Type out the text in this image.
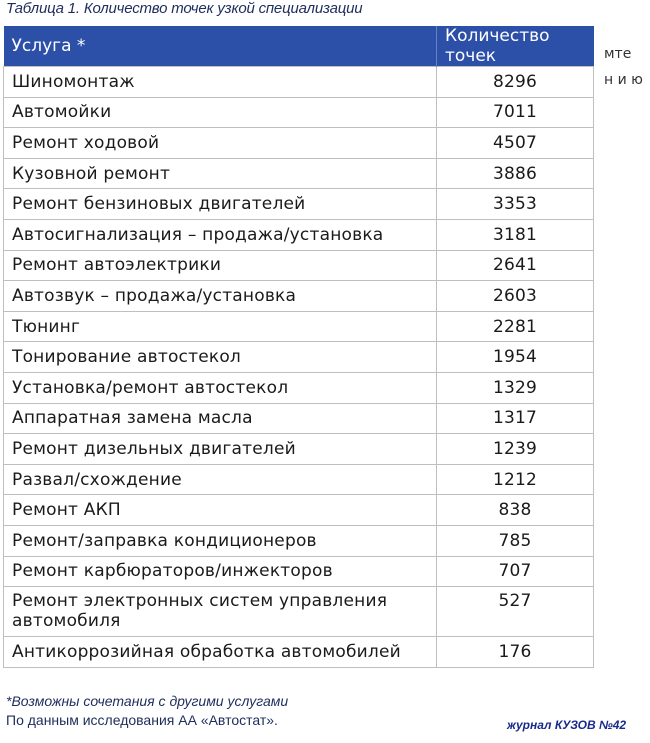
Таблица 1. Количество точек узкой специализации
мте
н и ю
Услуга *	Количество точек
Шиномонтаж	8296
Автомойки	7011
Ремонт ходовой	4507
Кузовной ремонт	3886
Ремонт бензиновых двигателей	3353
Автосигнализация – продажа/установка	3181
Ремонт автоэлектрики	2641
Автозвук – продажа/установка	2603
Тюнинг	2281
Тонирование автостекол	1954
Установка/ремонт автостекол	1329
Аппаратная замена масла	1317
Ремонт дизельных двигателей	1239
Развал/схождение	1212
Ремонт АКП	838
Ремонт/заправка кондиционеров	785
Ремонт карбюраторов/инжекторов	707
Ремонт электронных систем управления автомобиля	527
Антикоррозийная обработка автомобилей	176
*Возможны сочетания с другими услугами
По данным исследования АА «Автостат».	журнал КУЗОВ №42
